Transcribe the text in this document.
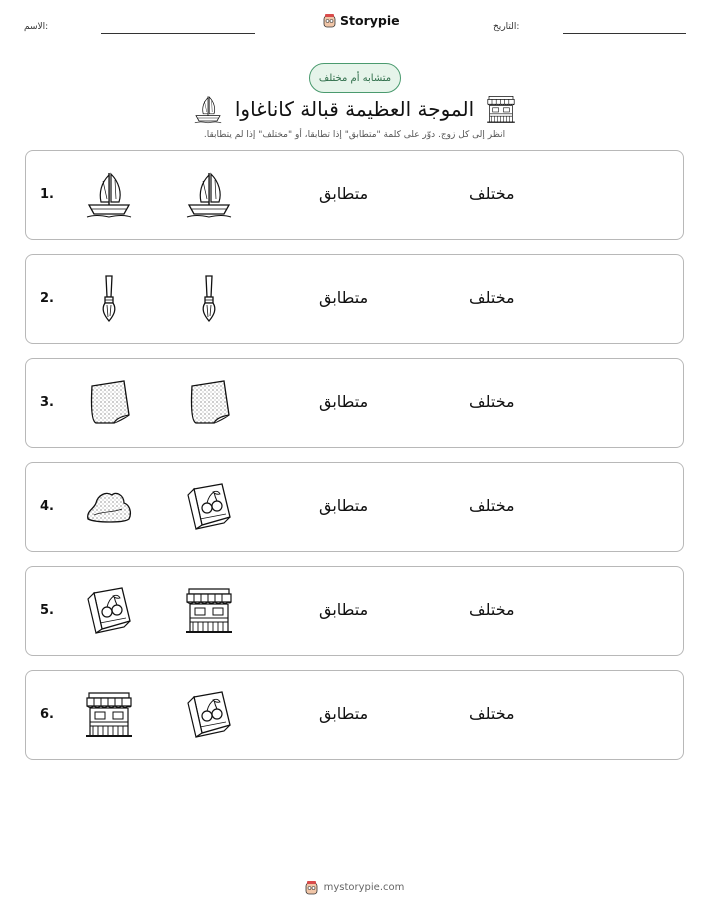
التاريخ:
Storypie
الاسم:
متشابه أم مختلف
الموجة العظيمة قبالة كاناغاوا
انظر إلى كل زوج. دوّر على كلمة "متطابق" إذا تطابقا، أو "مختلف" إذا لم يتطابقا.
1.	متطابق	مختلف
2.	متطابق	مختلف
3.	متطابق	مختلف
4.	متطابق	مختلف
5.	متطابق	مختلف
6.	متطابق	مختلف
mystorypie.com
